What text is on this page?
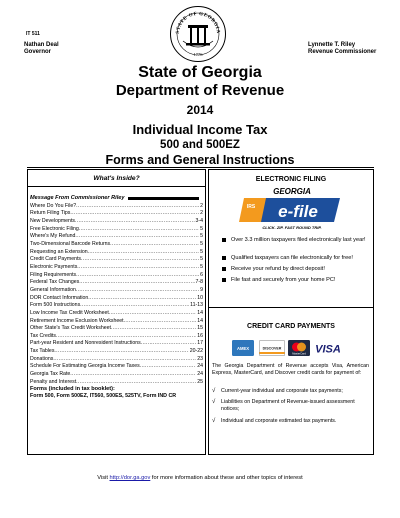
STATE OF GEORGIA
1776
IT 511
Nathan Deal
Governor
Lynnette T. Riley
Revenue Commissioner
State of Georgia
Department of Revenue
2014
Individual Income Tax
500 and 500EZ
Forms and General Instructions
What's Inside?
Message From Commissioner Riley
Where Do You File? .....	2
Return Filing Tips .....	2
New Developments .....	3-4
Free Electronic Filing .....	5
Where's My Refund .....	5
Two-Dimensional Barcode Returns .....	5
Requesting an Extension .....	5
Credit Card Payments .....	5
Electronic Payments .....	5
Filing Requirements .....	6
Federal Tax Changes .....	7-8
General Information .....	9
DOR Contact Information .....	10
Form 500 Instructions .....	11-13
Low Income Tax Credit Worksheet .....	14
Retirement Income Exclusion Worksheet .....	14
Other State's Tax Credit Worksheet .....	15
Tax Credits .....	16
Part-year Resident and Nonresident Instructions .....	17
Tax Tables .....	20-22
Donations .....	23
Schedule For Estimating Georgia Income Taxes .....	24
Georgia Tax Rate .....	24
Penalty and Interest .....	25
Forms (included in tax booklet):
Form 500, Form 500EZ, IT560, 500ES, 525TV, Form IND CR
ELECTRONIC FILING
GEORGIA
IRS e-file
CLICK. ZIP. FAST ROUND TRIP.
Over 3.3 million taxpayers filed electronically last year!
Qualified taxpayers can file electronically for free!
Receive your refund by direct deposit!
File fast and securely from your home PC!
CREDIT CARD PAYMENTS
AMEX	DISCOVER
MasterCard VISA
The Georgia Department of Revenue accepts Visa, American Express, MasterCard, and Discover credit cards for payment of:
√ Current-year individual and corporate tax payments;
√ Liabilities on Department of Revenue-issued assessment notices;
√ Individual and corporate estimated tax payments.
Visit http://dor.ga.gov for more information about these and other topics of interest
